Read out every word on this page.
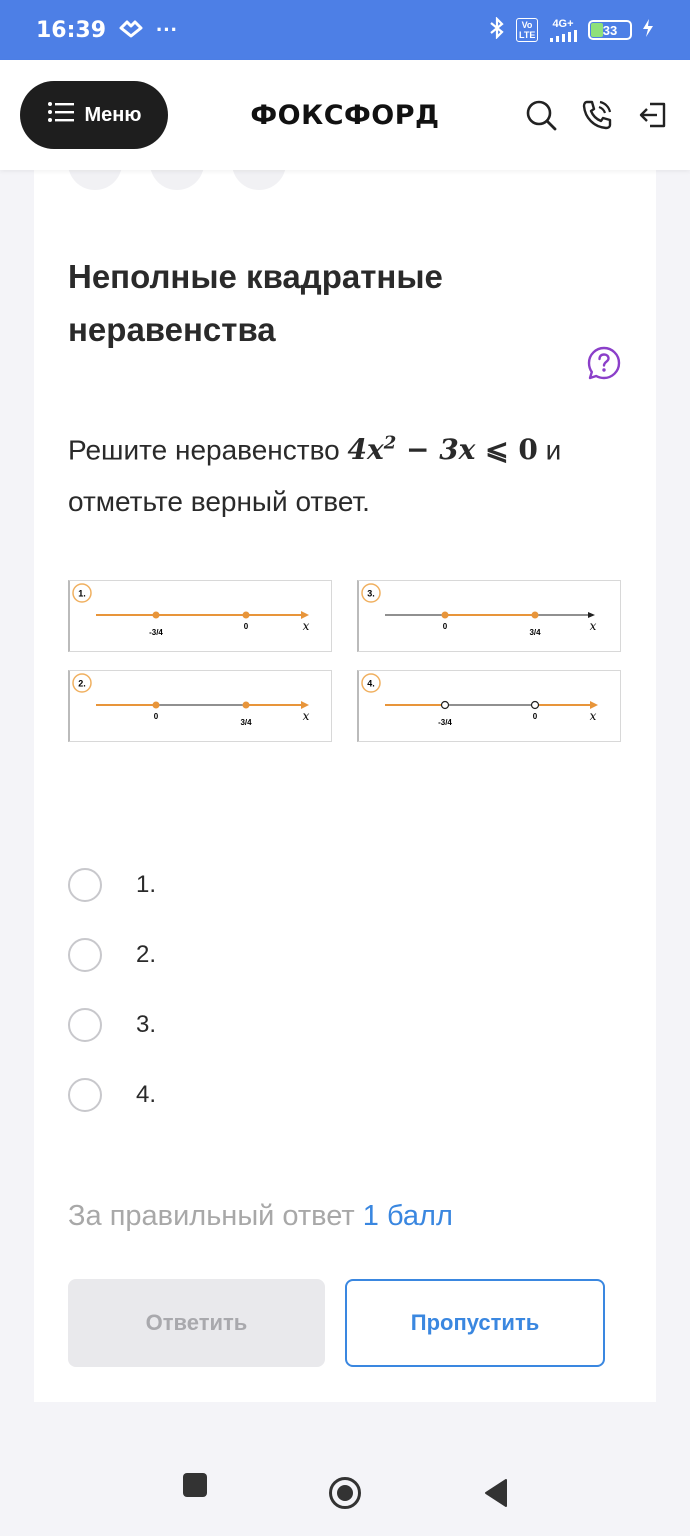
16:39 ···	Vo LTE
4G+	33
Меню	ФОКСФОРД
Неполные квадратные неравенства
Решите неравенство $4x^2 - 3x$ ⩽ 0 и отметьте верный ответ.
1.
-3/4
0	x
2.
0
3/4	x
3.
0
3/4	x
4.
-3/4
0	x
1.
2.
3.
4.
За правильный ответ 1 балл
Ответить	Пропустить
